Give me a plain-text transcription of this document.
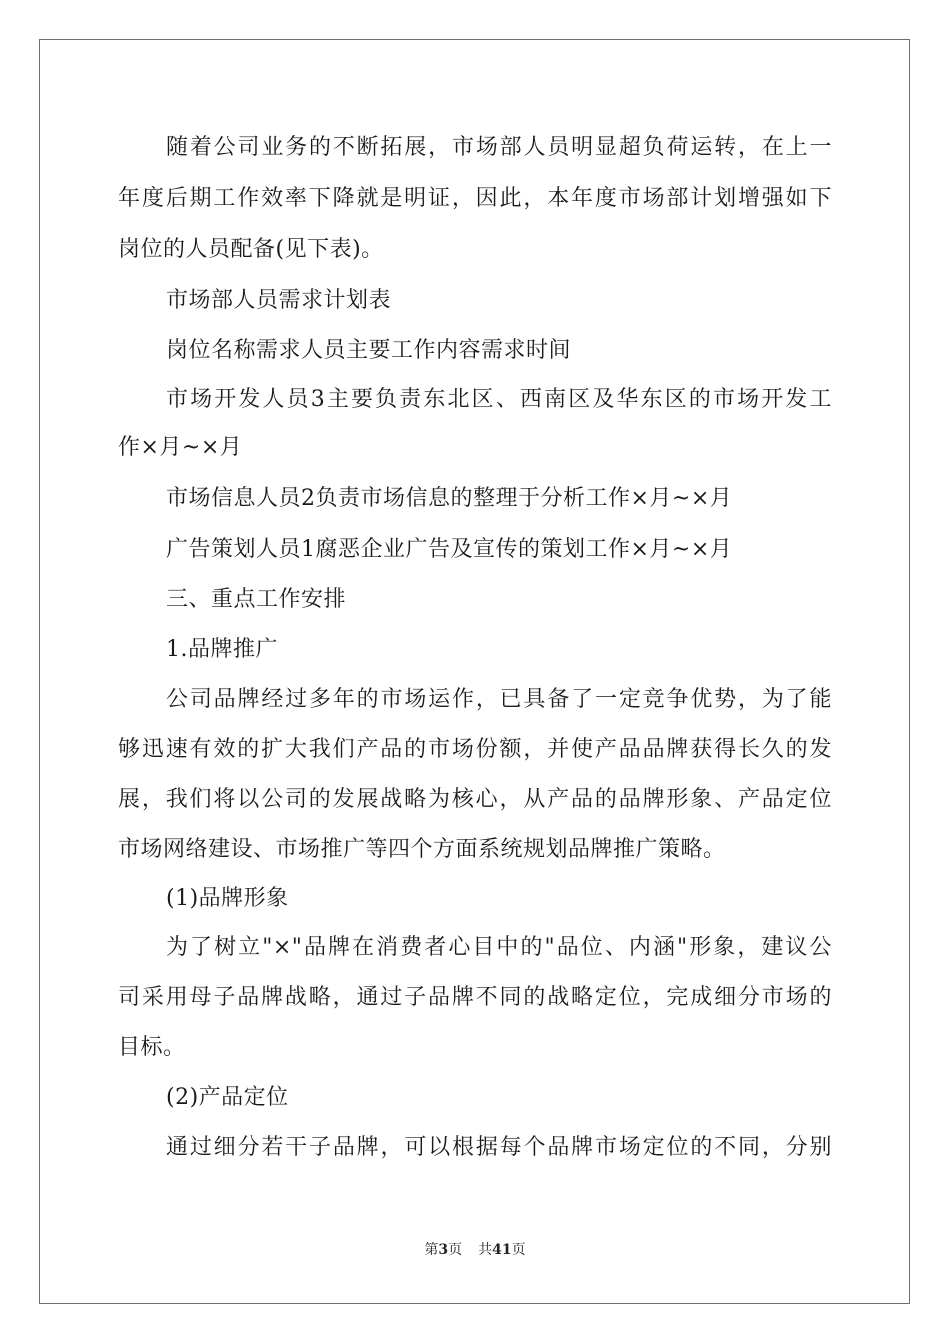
随着公司业务的不断拓展，市场部人员明显超负荷运转，在上一
年度后期工作效率下降就是明证，因此，本年度市场部计划增强如下
岗位的人员配备(见下表)。
市场部人员需求计划表
岗位名称需求人员主要工作内容需求时间
市场开发人员3主要负责东北区、西南区及华东区的市场开发工
作×月~×月
市场信息人员2负责市场信息的整理于分析工作×月~×月
广告策划人员1腐恶企业广告及宣传的策划工作×月~×月
三、重点工作安排
1.品牌推广
公司品牌经过多年的市场运作，已具备了一定竞争优势，为了能
够迅速有效的扩大我们产品的市场份额，并使产品品牌获得长久的发
展，我们将以公司的发展战略为核心，从产品的品牌形象、产品定位
市场网络建设、市场推广等四个方面系统规划品牌推广策略。
(1)品牌形象
为了树立"×"品牌在消费者心目中的"品位、内涵"形象，建议公
司采用母子品牌战略，通过子品牌不同的战略定位，完成细分市场的
目标。
(2)产品定位
通过细分若干子品牌，可以根据每个品牌市场定位的不同，分别
第3页 共41页
